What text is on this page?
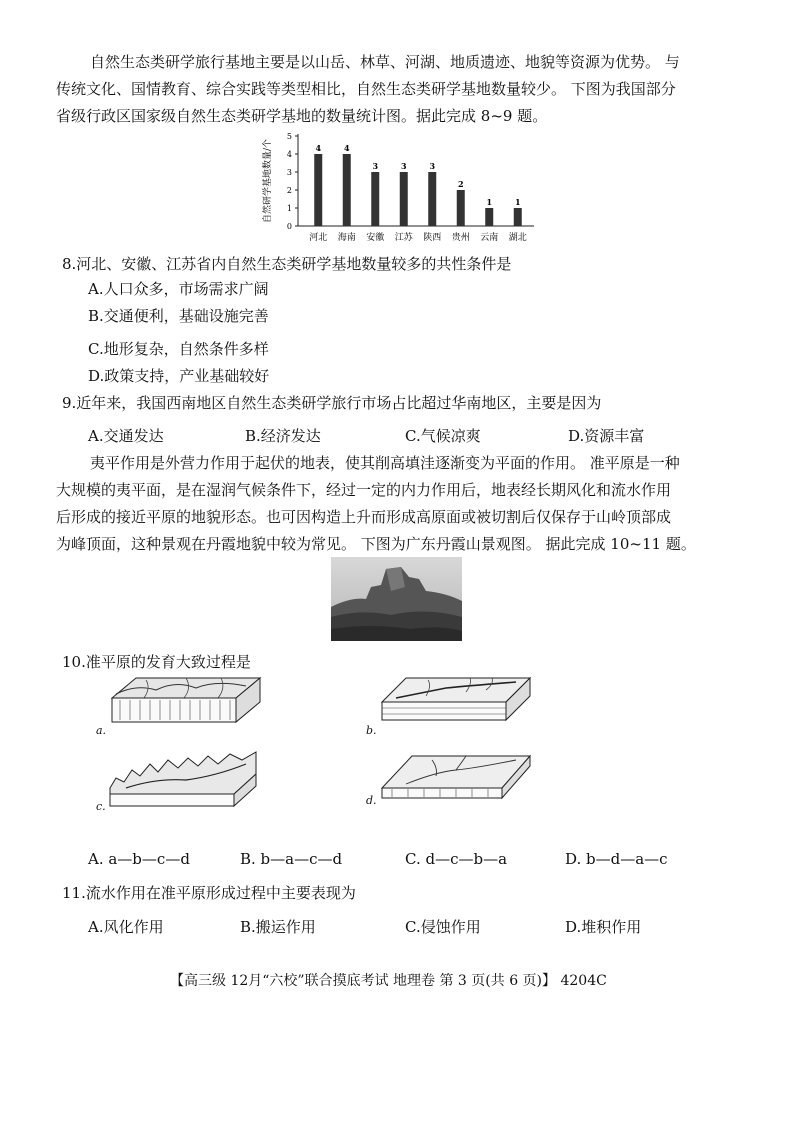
自然生态类研学旅行基地主要是以山岳、林草、河湖、地质遗迹、地貌等资源为优势。 与
传统文化、国情教育、综合实践等类型相比，自然生态类研学基地数量较少。 下图为我国部分
省级行政区国家级自然生态类研学基地的数量统计图。据此完成 8~9 题。
自然研学基地数量/个
河北 海南 安徽 江苏 陕西 贵州 云南 湖北
0
1
2
3
4
5
4	4
3	3	3
2
1	1
8.河北、安徽、江苏省内自然生态类研学基地数量较多的共性条件是
A.人口众多，市场需求广阔
B.交通便利，基础设施完善
C.地形复杂，自然条件多样
D.政策支持，产业基础较好
9.近年来，我国西南地区自然生态类研学旅行市场占比超过华南地区，主要是因为
A.交通发达	B.经济发达	C.气候凉爽	D.资源丰富
夷平作用是外营力作用于起伏的地表，使其削高填洼逐渐变为平面的作用。 准平原是一种
大规模的夷平面，是在湿润气候条件下，经过一定的内力作用后，地表经长期风化和流水作用
后形成的接近平原的地貌形态。也可因构造上升而形成高原面或被切割后仅保存于山岭顶部成
为峰顶面，这种景观在丹霞地貌中较为常见。 下图为广东丹霞山景观图。 据此完成 10~11 题。
10.准平原的发育大致过程是
a.	b.
c.	d.
A. a—b—c—d	B. b—a—c—d	C. d—c—b—a	D. b—d—a—c
11.流水作用在准平原形成过程中主要表现为
A.风化作用	B.搬运作用	C.侵蚀作用	D.堆积作用
【高三级 12月“六校”联合摸底考试 地理卷 第 3 页(共 6 页)】 4204C
